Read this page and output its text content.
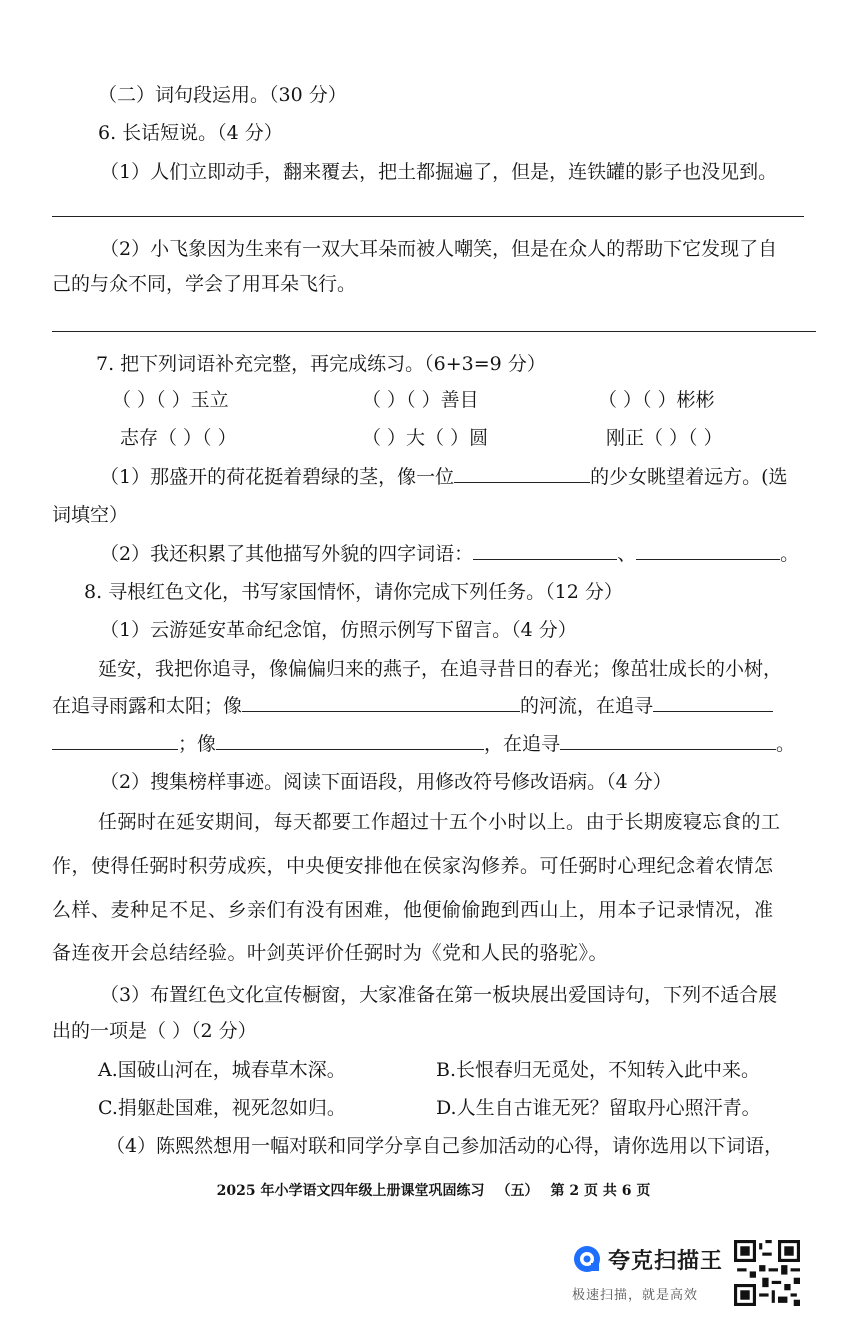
（二）词句段运用。（30 分）
6. 长话短说。（4 分）
（1）人们立即动手，翻来覆去，把土都掘遍了，但是，连铁罐的影子也没见到。
（2）小飞象因为生来有一双大耳朵而被人嘲笑，但是在众人的帮助下它发现了自
己的与众不同，学会了用耳朵飞行。
7. 把下列词语补充完整，再完成练习。（6+3=9 分）
（ ）（ ）玉立	（ ）（ ）善目	（ ）（ ）彬彬
志存（ ）（ ）	（ ）大（ ）圆	刚正（ ）（ ）
（1）那盛开的荷花挺着碧绿的茎，像一位	的少女眺望着远方。(选
词填空）
（2）我还积累了其他描写外貌的四字词语：	、	。
8. 寻根红色文化，书写家国情怀，请你完成下列任务。（12 分）
（1）云游延安革命纪念馆，仿照示例写下留言。（4 分）
延安，我把你追寻，像偏偏归来的燕子，在追寻昔日的春光；像茁壮成长的小树，
在追寻雨露和太阳；像	的河流，在追寻
；像	，在追寻	。
（2）搜集榜样事迹。阅读下面语段，用修改符号修改语病。（4 分）
任弼时在延安期间，每天都要工作超过十五个小时以上。由于长期废寝忘食的工
作，使得任弼时积劳成疾，中央便安排他在侯家沟修养。可任弼时心理纪念着农情怎
么样、麦种足不足、乡亲们有没有困难，他便偷偷跑到西山上，用本子记录情况，准
备连夜开会总结经验。叶剑英评价任弼时为《党和人民的骆驼》。
（3）布置红色文化宣传橱窗，大家准备在第一板块展出爱国诗句，下列不适合展
出的一项是（ ）（2 分）
A.国破山河在，城春草木深。	B.长恨春归无觅处，不知转入此中来。
C.捐躯赴国难，视死忽如归。	D.人生自古谁无死？留取丹心照汗青。
（4）陈熙然想用一幅对联和同学分享自己参加活动的心得，请你选用以下词语，
2025 年小学语文四年级上册课堂巩固练习 （五） 第 2 页 共 6 页
夸克扫描王
极速扫描，就是高效
